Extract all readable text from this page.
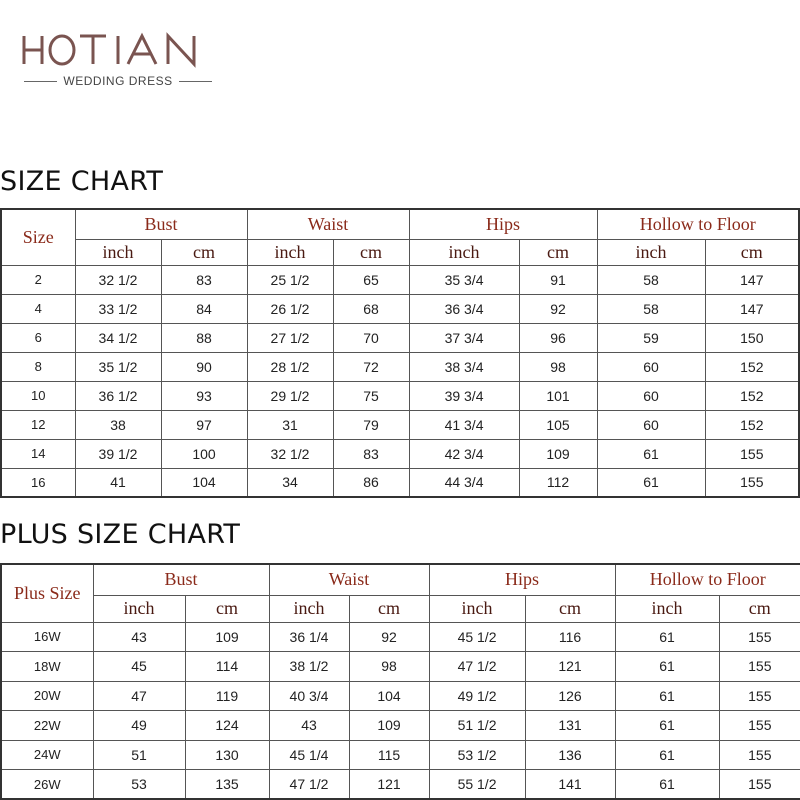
WEDDING DRESS
SIZE CHART
Size	Bust		Waist		Hips		Hollow to Floor	
	inch	cm	inch	cm	inch	cm	inch	cm
2	32 1/2	83	25 1/2	65	35 3/4	91	58	147
4	33 1/2	84	26 1/2	68	36 3/4	92	58	147
6	34 1/2	88	27 1/2	70	37 3/4	96	59	150
8	35 1/2	90	28 1/2	72	38 3/4	98	60	152
10	36 1/2	93	29 1/2	75	39 3/4	101	60	152
12	38	97	31	79	41 3/4	105	60	152
14	39 1/2	100	32 1/2	83	42 3/4	109	61	155
16	41	104	34	86	44 3/4	112	61	155
PLUS SIZE CHART
Plus Size	Bust		Waist		Hips		Hollow to Floor	
	inch	cm	inch	cm	inch	cm	inch	cm
16W	43	109	36 1/4	92	45 1/2	116	61	155
18W	45	114	38 1/2	98	47 1/2	121	61	155
20W	47	119	40 3/4	104	49 1/2	126	61	155
22W	49	124	43	109	51 1/2	131	61	155
24W	51	130	45 1/4	115	53 1/2	136	61	155
26W	53	135	47 1/2	121	55 1/2	141	61	155
